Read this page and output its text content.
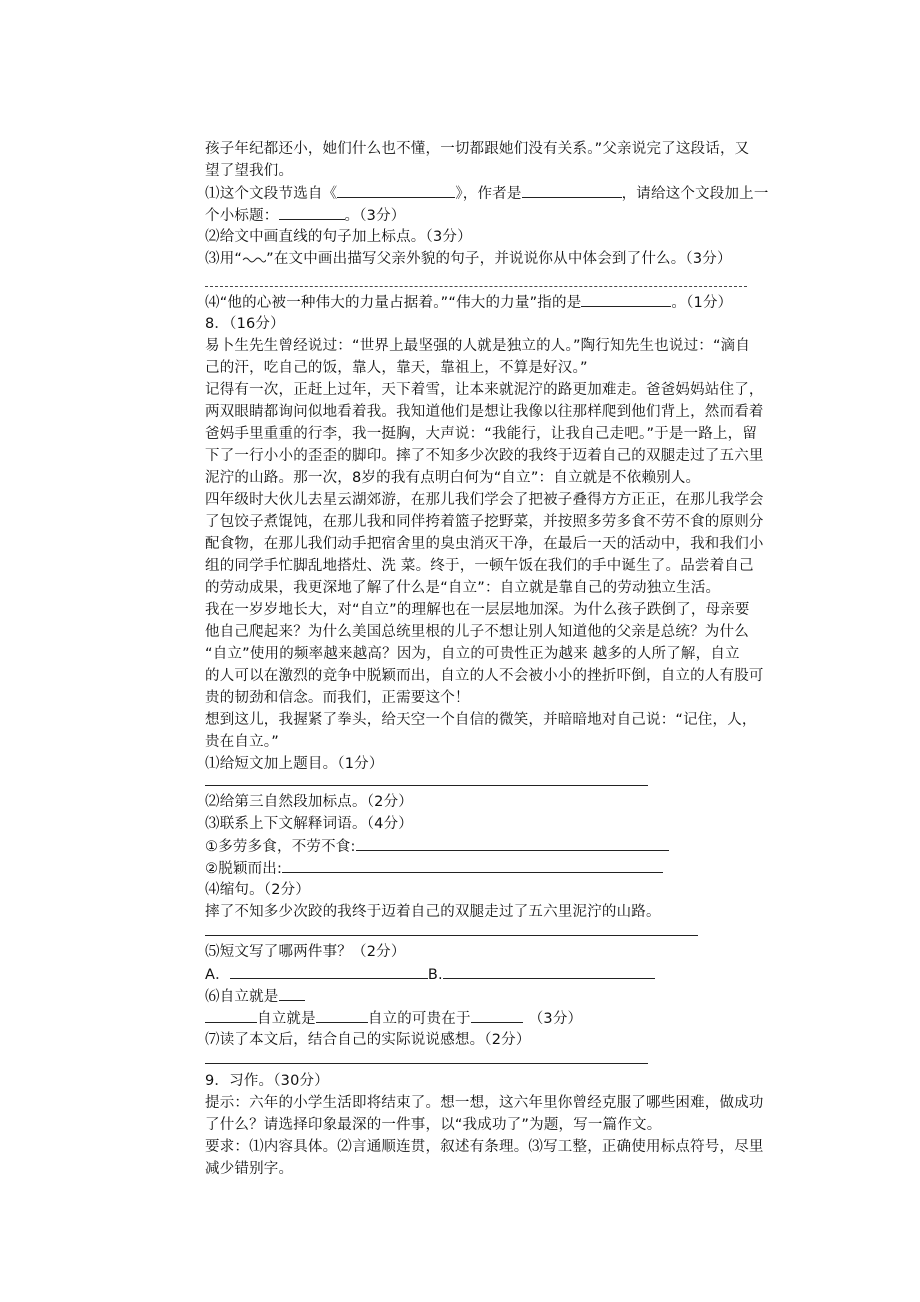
孩子年纪都还小，她们什么也不懂，一切都跟她们没有关系。”父亲说完了这段话，又
望了望我们。
⑴这个文段节选自《	》，作者是	，请给这个文段加上一
个小标题：	。（3分）
⑵给文中画直线的句子加上标点。（3分）
⑶用“ ”在文中画出描写父亲外貌的句子，并说说你从中体会到了什么。（3分）
⑷“他的心被一种伟大的力量占据着。”“伟大的力量”指的是	。（1分）
8．（16分）
易卜生先生曾经说过：“世界上最坚强的人就是独立的人。”陶行知先生也说过：“滴自
己的汗，吃自己的饭，靠人，靠天，靠祖上，不算是好汉。”
记得有一次，正赶上过年，天下着雪，让本来就泥泞的路更加难走。爸爸妈妈站住了，
两双眼睛都询问似地看着我。我知道他们是想让我像以往那样爬到他们背上，然而看着
爸妈手里重重的行李，我一挺胸，大声说：“我能行，让我自己走吧。”于是一路上，留
下了一行小小的歪歪的脚印。摔了不知多少次跤的我终于迈着自己的双腿走过了五六里
泥泞的山路。那一次，8岁的我有点明白何为“自立”：自立就是不依赖别人。
四年级时大伙儿去星云湖郊游，在那儿我们学会了把被子叠得方方正正，在那儿我学会
了包饺子煮馄饨，在那儿我和同伴挎着篮子挖野菜，并按照多劳多食不劳不食的原则分
配食物，在那儿我们动手把宿舍里的臭虫消灭干净，在最后一天的活动中，我和我们小
组的同学手忙脚乱地搭灶、洗 菜。终于，一顿午饭在我们的手中诞生了。品尝着自己
的劳动成果，我更深地了解了什么是“自立”：自立就是靠自己的劳动独立生活。
我在一岁岁地长大，对“自立”的理解也在一层层地加深。为什么孩子跌倒了，母亲要
他自己爬起来？为什么美国总统里根的儿子不想让别人知道他的父亲是总统？为什么
“自立”使用的频率越来越高？因为，自立的可贵性正为越来 越多的人所了解，自立
的人可以在激烈的竞争中脱颖而出，自立的人不会被小小的挫折吓倒，自立的人有股可
贵的韧劲和信念。而我们，正需要这个！
想到这儿，我握紧了拳头，给天空一个自信的微笑，并暗暗地对自己说：“记住，人，
贵在自立。”
⑴给短文加上题目。（1分）
⑵给第三自然段加标点。（2分）
⑶联系上下文解释词语。（4分）
①多劳多食，不劳不食:
②脱颖而出:
⑷缩句。（2分）
摔了不知多少次跤的我终于迈着自己的双腿走过了五六里泥泞的山路。
⑸短文写了哪两件事？（2分）
A．	B.
⑹自立就是
自立就是	自立的可贵在于	（3分）
⑺读了本文后，结合自己的实际说说感想。（2分）
9．习作。（30分）
提示：六年的小学生活即将结束了。想一想，这六年里你曾经克服了哪些困难，做成功
了什么？请选择印象最深的一件事，以“我成功了”为题，写一篇作文。
要求：⑴内容具体。⑵言通顺连贯，叙述有条理。⑶写工整，正确使用标点符号，尽里
减少错别字。
